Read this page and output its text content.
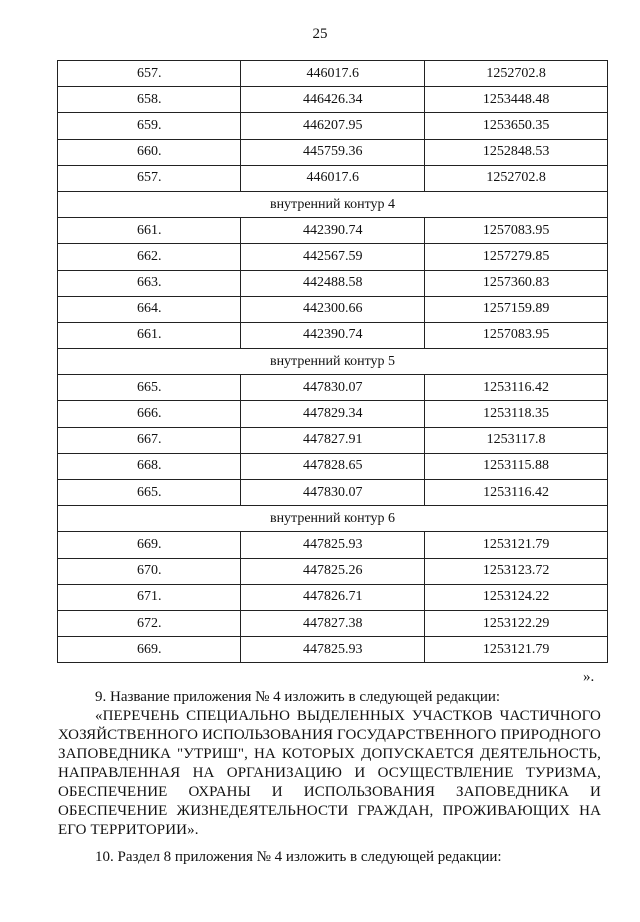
25
657.	446017.6	1252702.8
658.	446426.34	1253448.48
659.	446207.95	1253650.35
660.	445759.36	1252848.53
657.	446017.6	1252702.8
внутренний контур 4		
661.	442390.74	1257083.95
662.	442567.59	1257279.85
663.	442488.58	1257360.83
664.	442300.66	1257159.89
661.	442390.74	1257083.95
внутренний контур 5		
665.	447830.07	1253116.42
666.	447829.34	1253118.35
667.	447827.91	1253117.8
668.	447828.65	1253115.88
665.	447830.07	1253116.42
внутренний контур 6		
669.	447825.93	1253121.79
670.	447825.26	1253123.72
671.	447826.71	1253124.22
672.	447827.38	1253122.29
669.	447825.93	1253121.79
».
9. Название приложения № 4 изложить в следующей редакции:
«ПЕРЕЧЕНЬ СПЕЦИАЛЬНО ВЫДЕЛЕННЫХ УЧАСТКОВ ЧАСТИЧНОГО ХОЗЯЙСТВЕННОГО ИСПОЛЬЗОВАНИЯ ГОСУДАРСТВЕННОГО ПРИРОДНОГО ЗАПОВЕДНИКА "УТРИШ", НА КОТОРЫХ ДОПУСКАЕТСЯ ДЕЯТЕЛЬНОСТЬ, НАПРАВЛЕННАЯ НА ОРГАНИЗАЦИЮ И ОСУЩЕСТВЛЕНИЕ ТУРИЗМА, ОБЕСПЕЧЕНИЕ ОХРАНЫ И ИСПОЛЬЗОВАНИЯ ЗАПОВЕДНИКА И ОБЕСПЕЧЕНИЕ ЖИЗНЕДЕЯТЕЛЬНОСТИ ГРАЖДАН, ПРОЖИВАЮЩИХ НА ЕГО ТЕРРИТОРИИ».
10. Раздел 8 приложения № 4 изложить в следующей редакции:
